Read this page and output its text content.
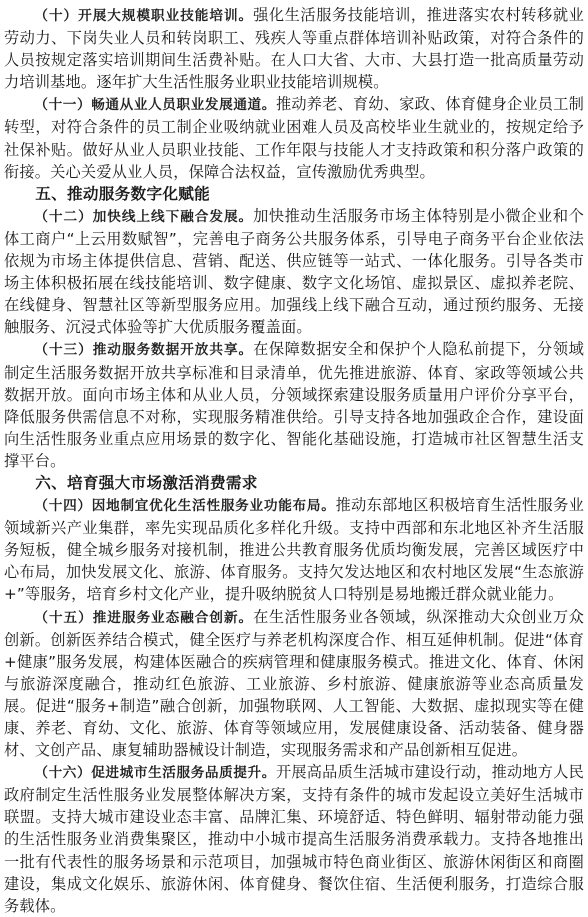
（十）开展大规模职业技能培训。强化生活服务技能培训，推进落实农村转移就业劳动力、下岗失业人员和转岗职工、残疾人等重点群体培训补贴政策，对符合条件的人员按规定落实培训期间生活费补贴。在人口大省、大市、大县打造一批高质量劳动力培训基地。逐年扩大生活性服务业职业技能培训规模。

（十一）畅通从业人员职业发展通道。推动养老、育幼、家政、体育健身企业员工制转型，对符合条件的员工制企业吸纳就业困难人员及高校毕业生就业的，按规定给予社保补贴。做好从业人员职业技能、工作年限与技能人才支持政策和积分落户政策的衔接。关心关爱从业人员，保障合法权益，宣传激励优秀典型。

五、推动服务数字化赋能

（十二）加快线上线下融合发展。加快推动生活服务市场主体特别是小微企业和个体工商户“上云用数赋智”，完善电子商务公共服务体系，引导电子商务平台企业依法依规为市场主体提供信息、营销、配送、供应链等一站式、一体化服务。引导各类市场主体积极拓展在线技能培训、数字健康、数字文化场馆、虚拟景区、虚拟养老院、在线健身、智慧社区等新型服务应用。加强线上线下融合互动，通过预约服务、无接触服务、沉浸式体验等扩大优质服务覆盖面。

（十三）推动服务数据开放共享。在保障数据安全和保护个人隐私前提下，分领域制定生活服务数据开放共享标准和目录清单，优先推进旅游、体育、家政等领域公共数据开放。面向市场主体和从业人员，分领域探索建设服务质量用户评价分享平台，降低服务供需信息不对称，实现服务精准供给。引导支持各地加强政企合作，建设面向生活性服务业重点应用场景的数字化、智能化基础设施，打造城市社区智慧生活支撑平台。

六、培育强大市场激活消费需求

（十四）因地制宜优化生活性服务业功能布局。推动东部地区积极培育生活性服务业领域新兴产业集群，率先实现品质化多样化升级。支持中西部和东北地区补齐生活服务短板，健全城乡服务对接机制，推进公共教育服务优质均衡发展，完善区域医疗中心布局，加快发展文化、旅游、体育服务。支持欠发达地区和农村地区发展“生态旅游+”等服务，培育乡村文化产业，提升吸纳脱贫人口特别是易地搬迁群众就业能力。

（十五）推进服务业态融合创新。在生活性服务业各领域，纵深推动大众创业万众创新。创新医养结合模式，健全医疗与养老机构深度合作、相互延伸机制。促进“体育+健康”服务发展，构建体医融合的疾病管理和健康服务模式。推进文化、体育、休闲与旅游深度融合，推动红色旅游、工业旅游、乡村旅游、健康旅游等业态高质量发展。促进“服务+制造”融合创新，加强物联网、人工智能、大数据、虚拟现实等在健康、养老、育幼、文化、旅游、体育等领域应用，发展健康设备、活动装备、健身器材、文创产品、康复辅助器械设计制造，实现服务需求和产品创新相互促进。

（十六）促进城市生活服务品质提升。开展高品质生活城市建设行动，推动地方人民政府制定生活性服务业发展整体解决方案，支持有条件的城市发起设立美好生活城市联盟。支持大城市建设业态丰富、品牌汇集、环境舒适、特色鲜明、辐射带动能力强的生活性服务业消费集聚区，推动中小城市提高生活服务消费承载力。支持各地推出一批有代表性的服务场景和示范项目，加强城市特色商业街区、旅游休闲街区和商圈建设，集成文化娱乐、旅游休闲、体育健身、餐饮住宿、生活便利服务，打造综合服务载体。
